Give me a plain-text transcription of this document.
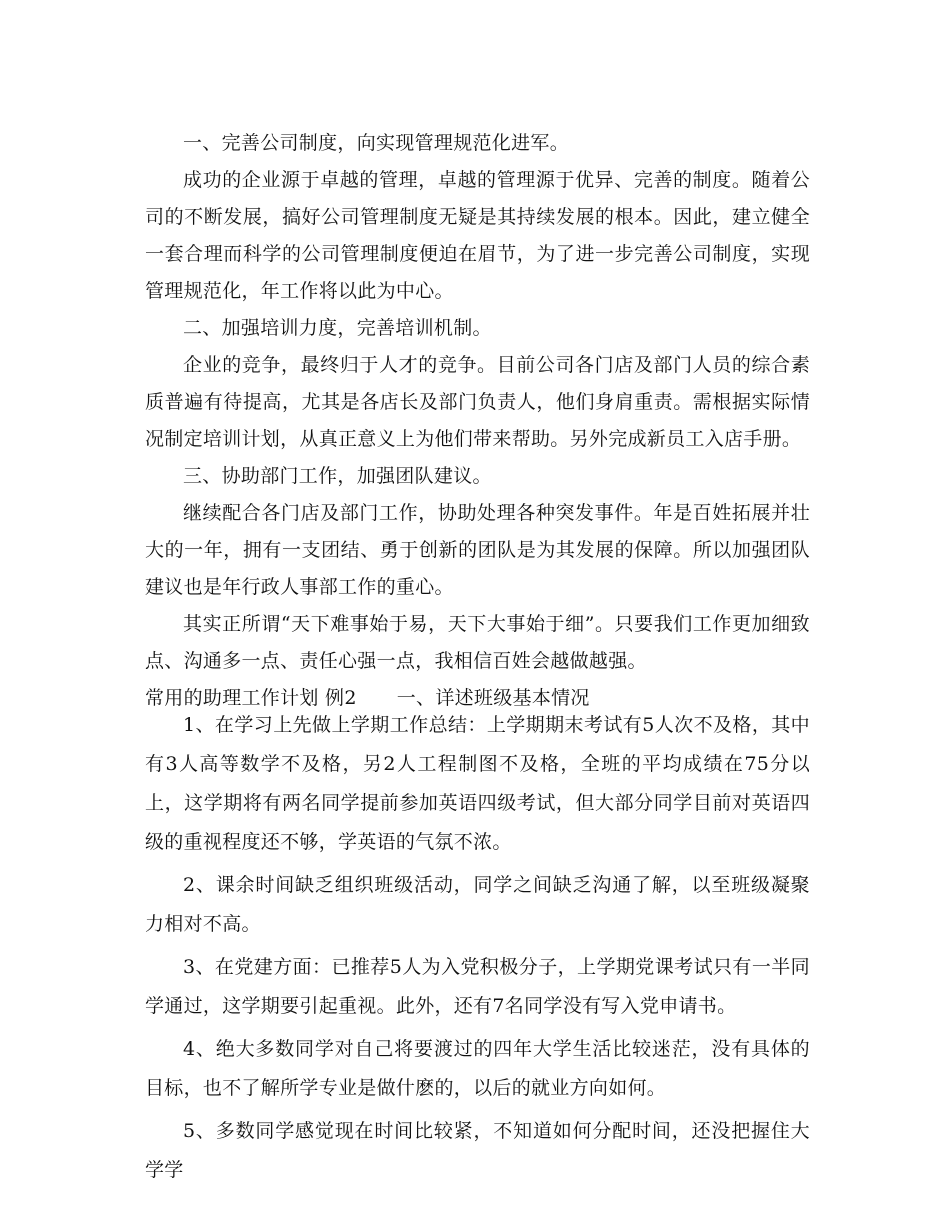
一、完善公司制度，向实现管理规范化进军。

成功的企业源于卓越的管理，卓越的管理源于优异、完善的制度。随着公司的不断发展，搞好公司管理制度无疑是其持续发展的根本。因此，建立健全一套合理而科学的公司管理制度便迫在眉节，为了进一步完善公司制度，实现管理规范化，年工作将以此为中心。

二、加强培训力度，完善培训机制。

企业的竞争，最终归于人才的竞争。目前公司各门店及部门人员的综合素质普遍有待提高，尤其是各店长及部门负责人，他们身肩重责。需根据实际情况制定培训计划，从真正意义上为他们带来帮助。另外完成新员工入店手册。

三、协助部门工作，加强团队建议。

继续配合各门店及部门工作，协助处理各种突发事件。年是百姓拓展并壮大的一年，拥有一支团结、勇于创新的团队是为其发展的保障。所以加强团队建议也是年行政人事部工作的重心。

其实正所谓“天下难事始于易，天下大事始于细”。只要我们工作更加细致点、沟通多一点、责任心强一点，我相信百姓会越做越强。

常用的助理工作计划 例2 一、详述班级基本情况

1、在学习上先做上学期工作总结：上学期期末考试有5人次不及格，其中有3人高等数学不及格，另2人工程制图不及格，全班的平均成绩在75分以上，这学期将有两名同学提前参加英语四级考试，但大部分同学目前对英语四级的重视程度还不够，学英语的气氛不浓。

2、课余时间缺乏组织班级活动，同学之间缺乏沟通了解，以至班级凝聚力相对不高。

3、在党建方面：已推荐5人为入党积极分子，上学期党课考试只有一半同学通过，这学期要引起重视。此外，还有7名同学没有写入党申请书。

4、绝大多数同学对自己将要渡过的四年大学生活比较迷茫，没有具体的目标，也不了解所学专业是做什麽的，以后的就业方向如何。

5、多数同学感觉现在时间比较紧，不知道如何分配时间，还没把握住大学学
